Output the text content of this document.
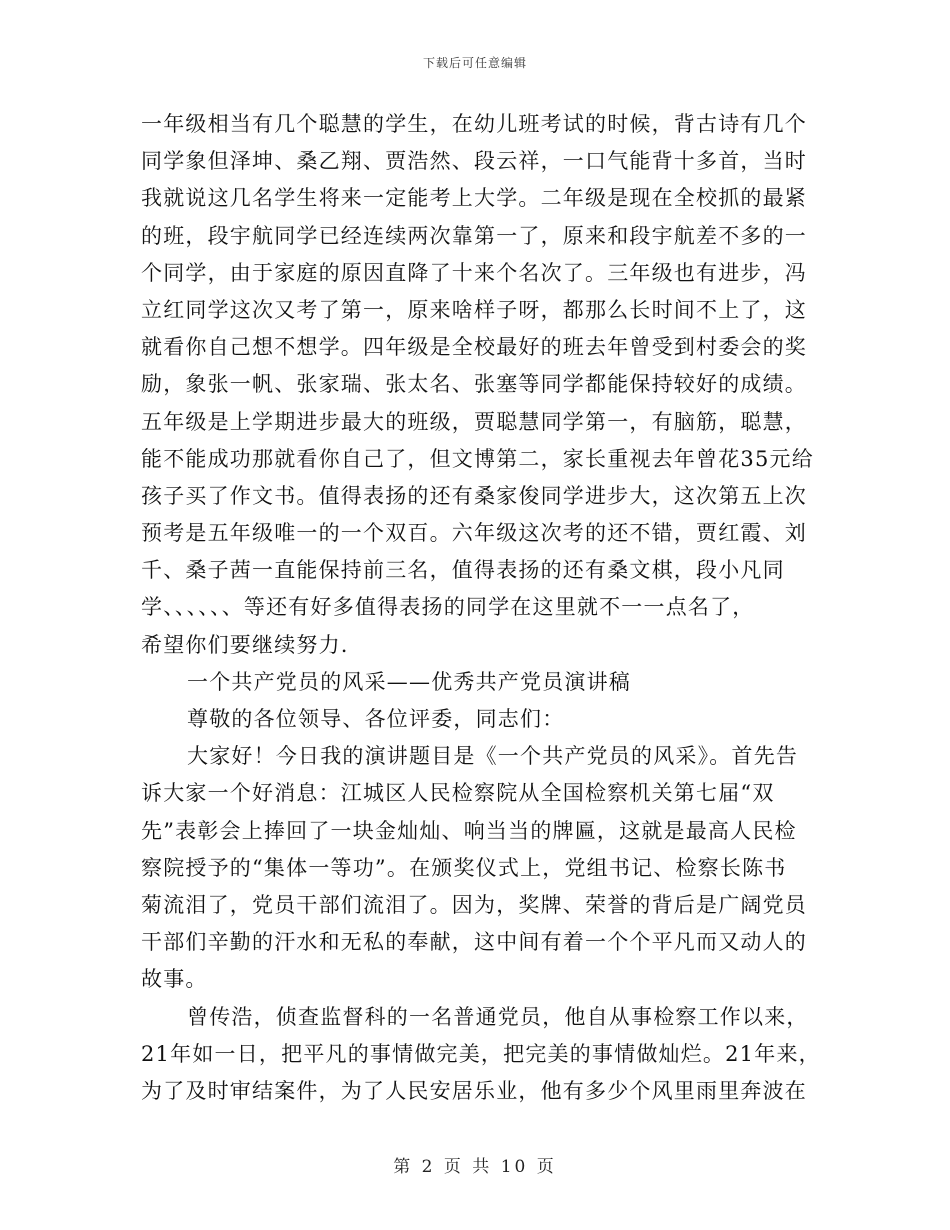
下载后可任意编辑
一年级相当有几个聪慧的学生，在幼儿班考试的时候，背古诗有几个
同学象但泽坤、桑乙翔、贾浩然、段云祥，一口气能背十多首，当时
我就说这几名学生将来一定能考上大学。二年级是现在全校抓的最紧
的班，段宇航同学已经连续两次靠第一了，原来和段宇航差不多的一
个同学，由于家庭的原因直降了十来个名次了。三年级也有进步，冯
立红同学这次又考了第一，原来啥样子呀，都那么长时间不上了，这
就看你自己想不想学。四年级是全校最好的班去年曾受到村委会的奖
励，象张一帆、张家瑞、张太名、张塞等同学都能保持较好的成绩。
五年级是上学期进步最大的班级，贾聪慧同学第一，有脑筋，聪慧，
能不能成功那就看你自己了，但文博第二，家长重视去年曾花35元给
孩子买了作文书。值得表扬的还有桑家俊同学进步大，这次第五上次
预考是五年级唯一的一个双百。六年级这次考的还不错，贾红霞、刘
千、桑子茜一直能保持前三名，值得表扬的还有桑文棋，段小凡同
学、、、、、、等还有好多值得表扬的同学在这里就不一一点名了，
希望你们要继续努力.
一个共产党员的风采——优秀共产党员演讲稿
尊敬的各位领导、各位评委，同志们：
大家好！今日我的演讲题目是《一个共产党员的风采》。首先告
诉大家一个好消息：江城区人民检察院从全国检察机关第七届“双
先”表彰会上捧回了一块金灿灿、响当当的牌匾，这就是最高人民检
察院授予的“集体一等功”。在颁奖仪式上，党组书记、检察长陈书
菊流泪了，党员干部们流泪了。因为，奖牌、荣誉的背后是广阔党员
干部们辛勤的汗水和无私的奉献，这中间有着一个个平凡而又动人的
故事。
曾传浩，侦查监督科的一名普通党员，他自从事检察工作以来，
21年如一日，把平凡的事情做完美，把完美的事情做灿烂。21年来，
为了及时审结案件，为了人民安居乐业，他有多少个风里雨里奔波在
第 2 页 共 10 页
